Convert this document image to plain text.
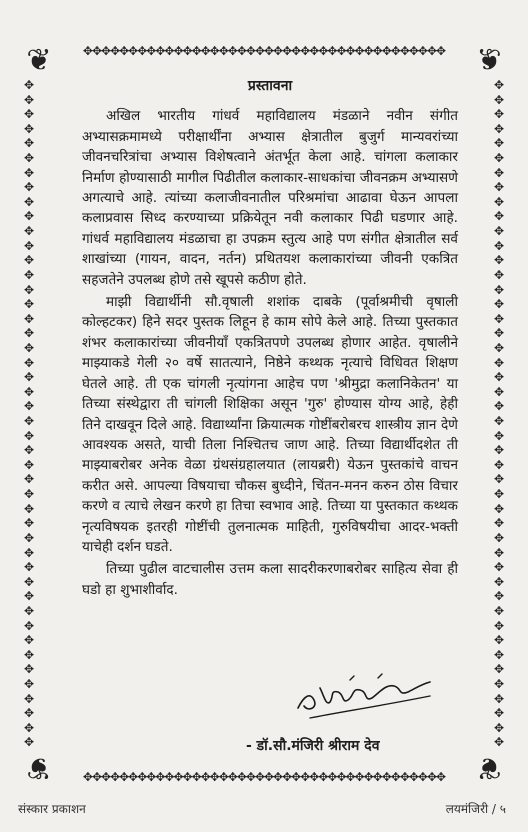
❦	❦
❦	❦
✥✥✥✥✥✥✥✥✥✥✥✥✥✥✥✥✥✥✥✥✥✥✥✥✥✥✥✥✥✥✥✥✥✥✥✥✥✥✥✥
✥✥✥✥✥✥✥✥✥✥✥✥✥✥✥✥✥✥✥✥✥✥✥✥✥✥✥✥✥✥✥✥✥✥✥✥✥✥✥✥
✥
✥
✥
✥
✥
✥
✥
✥
✥
✥
✥
✥
✥
✥
✥
✥
✥
✥
✥
✥
✥
✥
✥
✥
✥
✥
✥
✥
✥
✥
✥
✥
✥
✥
✥
✥
✥
✥
✥
✥
✥
✥
✥
✥
✥
✥
✥
✥
✥
✥
✥
✥
✥
✥
✥
✥
✥
✥
✥
✥
✥
✥
✥
✥
✥
✥
✥
✥
✥
✥
✥
✥
✥
✥
✥
✥
✥
✥
✥
✥
✥
✥
✥
✥
✥
✥
✥
✥
✥
✥
✥
✥
प्रस्तावना

अखिल भारतीय गांधर्व महाविद्यालय मंडळाने नवीन संगीत अभ्यासक्रमामध्ये परीक्षार्थींना अभ्यास क्षेत्रातील बुजुर्ग मान्यवरांच्या जीवनचरित्रांचा अभ्यास विशेषत्वाने अंतर्भूत केला आहे. चांगला कलाकार निर्माण होण्यासाठी मागील पिढीतील कलाकार-साधकांचा जीवनक्रम अभ्यासणे अगत्याचे आहे. त्यांच्या कलाजीवनातील परिश्रमांचा आढावा घेऊन आपला कलाप्रवास सिध्द करण्याच्या प्रक्रियेतून नवी कलाकार पिढी घडणार आहे. गांधर्व महाविद्यालय मंडळाचा हा उपक्रम स्तुत्य आहे पण संगीत क्षेत्रातील सर्व शाखांच्या (गायन, वादन, नर्तन) प्रथितयश कलाकारांच्या जीवनी एकत्रित सहजतेने उपलब्ध होणे तसे खूपसे कठीण होते.

माझी विद्यार्थीनी सौ.वृषाली शशांक दाबके (पूर्वाश्रमीची वृषाली कोल्हटकर) हिने सदर पुस्तक लिहून हे काम सोपे केले आहे. तिच्या पुस्तकात शंभर कलाकारांच्या जीवनीयाँ एकत्रितपणे उपलब्ध होणार आहेत. वृषालीने माझ्याकडे गेली २० वर्षे सातत्याने, निष्ठेने कथ्थक नृत्याचे विधिवत शिक्षण घेतले आहे. ती एक चांगली नृत्यांगना आहेच पण 'श्रीमुद्रा कलानिकेतन' या तिच्या संस्थेद्वारा ती चांगली शिक्षिका असून 'गुरु' होण्यास योग्य आहे, हेही तिने दाखवून दिले आहे. विद्यार्थ्यांना क्रियात्मक गोष्टींबरोबरच शास्त्रीय ज्ञान देणे आवश्यक असते, याची तिला निश्चितच जाण आहे. तिच्या विद्यार्थीदशेत ती माझ्याबरोबर अनेक वेळा ग्रंथसंग्रहालयात (लायब्ररी) येऊन पुस्तकांचे वाचन करीत असे. आपल्या विषयाचा चौकस बुध्दीने, चिंतन-मनन करुन ठोस विचार करणे व त्याचे लेखन करणे हा तिचा स्वभाव आहे. तिच्या या पुस्तकात कथ्थक नृत्यविषयक इतरही गोष्टींची तुलनात्मक माहिती, गुरुविषयीचा आदर-भक्ती याचेही दर्शन घडते.

तिच्या पुढील वाटचालीस उत्तम कला सादरीकरणाबरोबर साहित्य सेवा ही घडो हा शुभाशीर्वाद.

- डॉ.सौ.मंजिरी श्रीराम देव
संस्कार प्रकाशन	लयमंजिरी / ५
